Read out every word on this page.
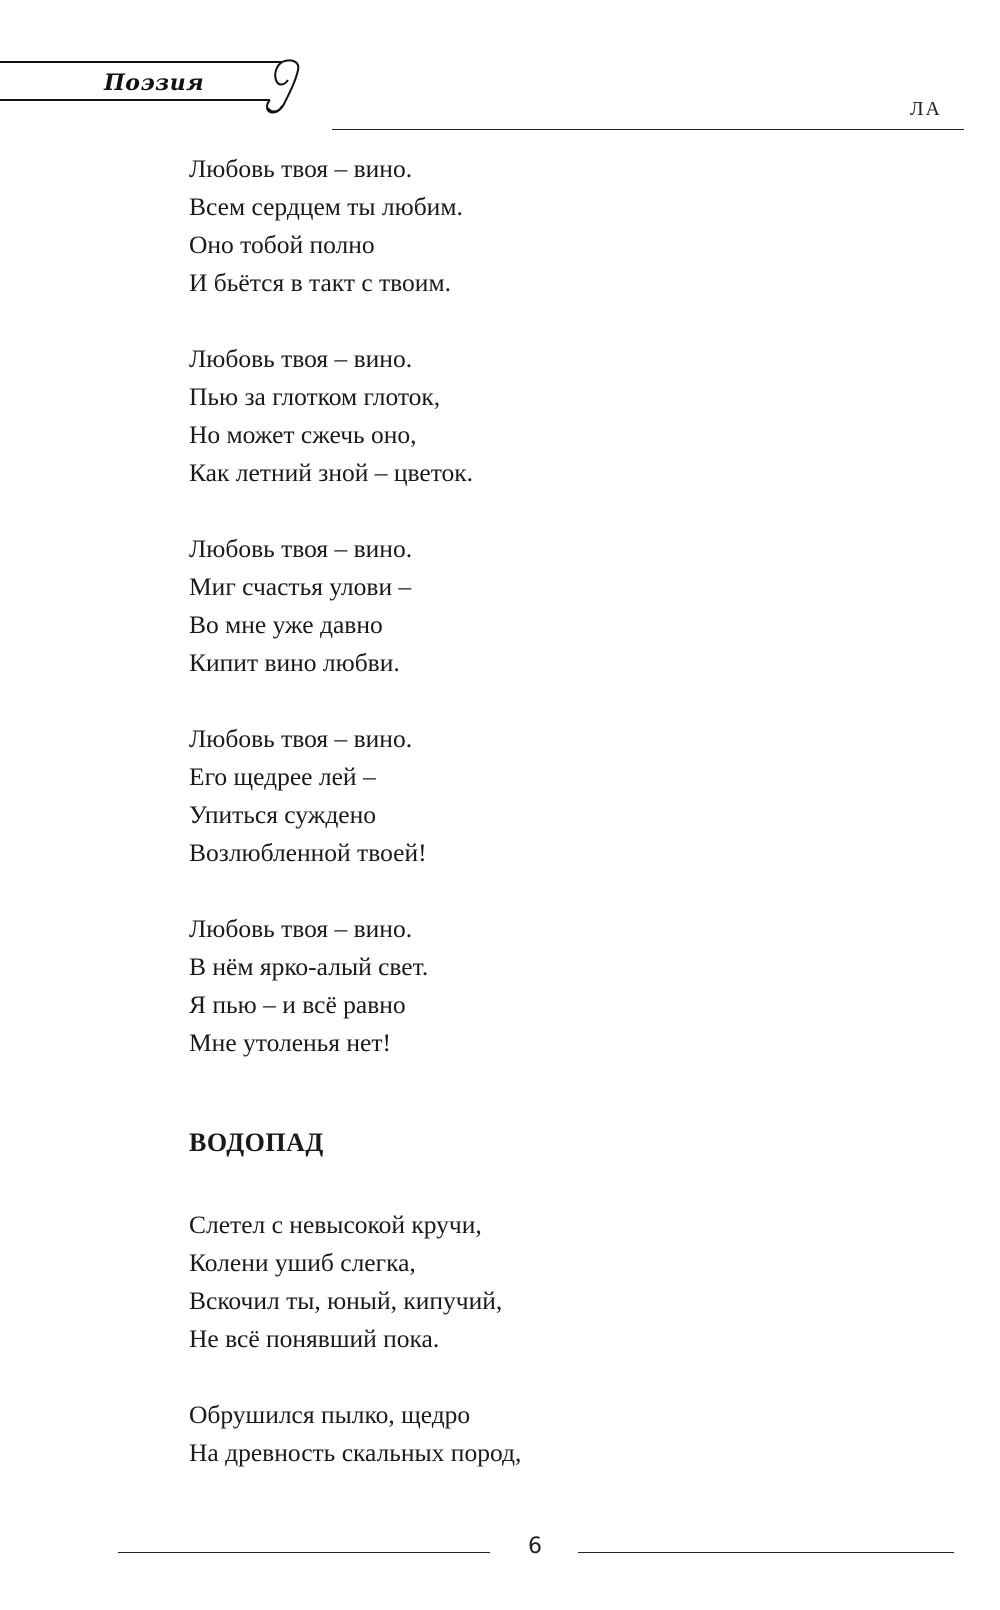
Поэзия
ЛА
Любовь твоя – вино.
Всем сердцем ты любим.
Оно тобой полно
И бьётся в такт с твоим.
Любовь твоя – вино.
Пью за глотком глоток,
Но может сжечь оно,
Как летний зной – цветок.
Любовь твоя – вино.
Миг счастья улови –
Во мне уже давно
Кипит вино любви.
Любовь твоя – вино.
Его щедрее лей –
Упиться суждено
Возлюбленной твоей!
Любовь твоя – вино.
В нём ярко-алый свет.
Я пью – и всё равно
Мне утоленья нет!
ВОДОПАД
Слетел с невысокой кручи,
Колени ушиб слегка,
Вскочил ты, юный, кипучий,
Не всё понявший пока.
Обрушился пылко, щедро
На древность скальных пород,
6
